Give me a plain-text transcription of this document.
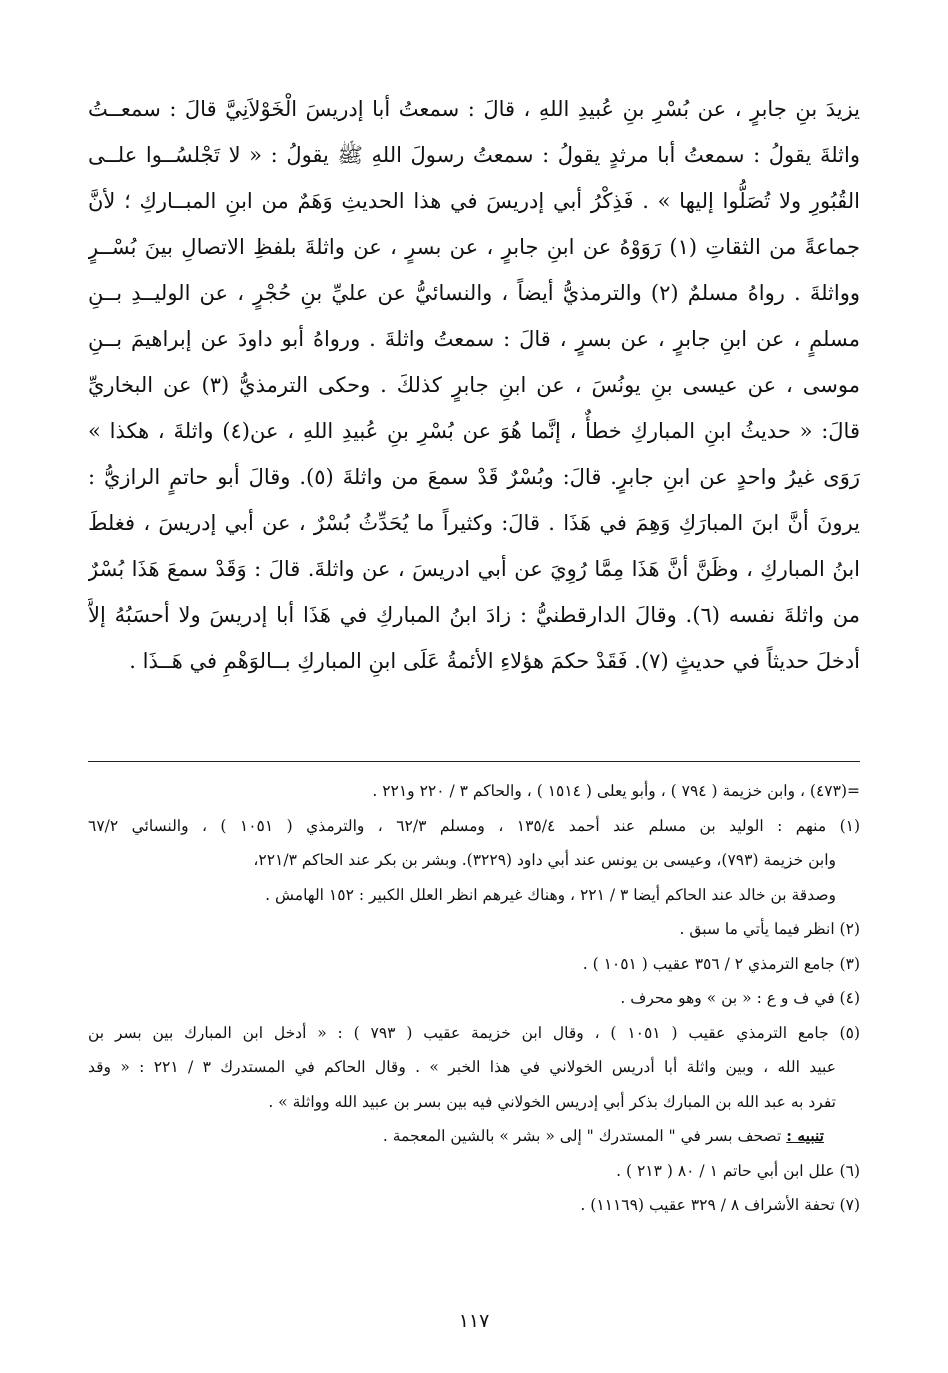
يزيدَ بنِ جابرٍ ، عن بُسْرِ بنِ عُبيدِ اللهِ ، قالَ : سمعتُ أبا إدريسَ الْخَوْلاَنِيَّ قالَ : سمعــتُ
واثلةَ يقولُ : سمعتُ أبا مرثدٍ يقولُ : سمعتُ رسولَ اللهِ ﷺ يقولُ : « لا تَجْلسُــوا علــى
القُبُورِ ولا تُصَلُّوا إليها » . فَذِكْرُ أبي إدريسَ في هذا الحديثِ وَهَمٌ من ابنِ المبــاركِ ؛ لأنَّ
جماعةً من الثقاتِ (١) رَوَوْهُ عن ابنِ جابرٍ ، عن بسرٍ ، عن واثلةَ بلفظِ الاتصالِ بينَ بُسْــرٍ
وواثلةَ . رواهُ مسلمٌ (٢) والترمذيُّ أيضاً ، والنسائيُّ عن عليِّ بنِ حُجْرٍ ، عن الوليــدِ بــنِ
مسلمٍ ، عن ابنِ جابرٍ ، عن بسرٍ ، قالَ : سمعتُ واثلةَ . ورواهُ أبو داودَ عن إبراهيمَ بــنِ
موسى ، عن عيسى بنِ يونُسَ ، عن ابنِ جابرٍ كذلكَ . وحكى الترمذيُّ (٣) عن البخاريِّ
قالَ: « حديثُ ابنِ المباركِ خطأٌ ، إنَّما هُوَ عن بُسْرِ بنِ عُبيدِ اللهِ ، عن(٤) واثلةَ ، هكذا »
رَوَى غيرُ واحدٍ عن ابنِ جابرٍ. قالَ: وبُسْرٌ قَدْ سمعَ من واثلةَ (٥). وقالَ أبو حاتمٍ الرازيُّ :
يرونَ أنَّ ابنَ المبارَكِ وَهِمَ في هَذَا . قالَ: وكثيراً ما يُحَدِّثُ بُسْرٌ ، عن أبي إدريسَ ، فغلطَ
ابنُ المباركِ ، وظَنَّ أنَّ هَذَا مِمَّا رُوِيَ عن أبي ادريسَ ، عن واثلةَ. قالَ : وَقَدْ سمعَ هَذَا بُسْرٌ
من واثلةَ نفسه (٦). وقالَ الدارقطنيُّ : زادَ ابنُ المباركِ في هَذَا أبا إدريسَ ولا أحسَبُهُ إلاَّ
أدخلَ حديثاً في حديثٍ (٧). فَقَدْ حكمَ هؤلاءِ الأئمةُ عَلَى ابنِ المباركِ بــالوَهْمِ في هَــذَا .
=(٤٧٣) ، وابن خزيمة ( ٧٩٤ ) ، وأبو يعلى ( ١٥١٤ ) ، والحاكم ٣ / ٢٢٠ و٢٢١ .
(١) منهم : الوليد بن مسلم عند أحمد ١٣٥/٤ ، ومسلم ٦٢/٣ ، والترمذي ( ١٠٥١ ) ، والنسائي ٦٧/٢
وابن خزيمة (٧٩٣)، وعيسى بن يونس عند أبي داود (٣٢٢٩). وبشر بن بكر عند الحاكم ٢٢١/٣،
وصدقة بن خالد عند الحاكم أيضا ٣ / ٢٢١ ، وهناك غيرهم انظر العلل الكبير : ١٥٢ الهامش .
(٢) انظر فيما يأتي ما سبق .
(٣) جامع الترمذي ٢ / ٣٥٦ عقيب ( ١٠٥١ ) .
(٤) في ف و ع : « بن » وهو محرف .
(٥) جامع الترمذي عقيب ( ١٠٥١ ) ، وقال ابن خزيمة عقيب ( ٧٩٣ ) : « أدخل ابن المبارك بين بسر بن
عبيد الله ، وبين واثلة أبا أدريس الخولاني في هذا الخبر » . وقال الحاكم في المستدرك ٣ / ٢٢١ : « وقد
تفرد به عبد الله بن المبارك بذكر أبي إدريس الخولاني فيه بين بسر بن عبيد الله وواثلة » .
تنبيه : تصحف بسر في " المستدرك " إلى « بشر » بالشين المعجمة .
(٦) علل ابن أبي حاتم ١ / ٨٠ ( ٢١٣ ) .
(٧) تحفة الأشراف ٨ / ٣٢٩ عقيب (١١١٦٩) .
١١٧
